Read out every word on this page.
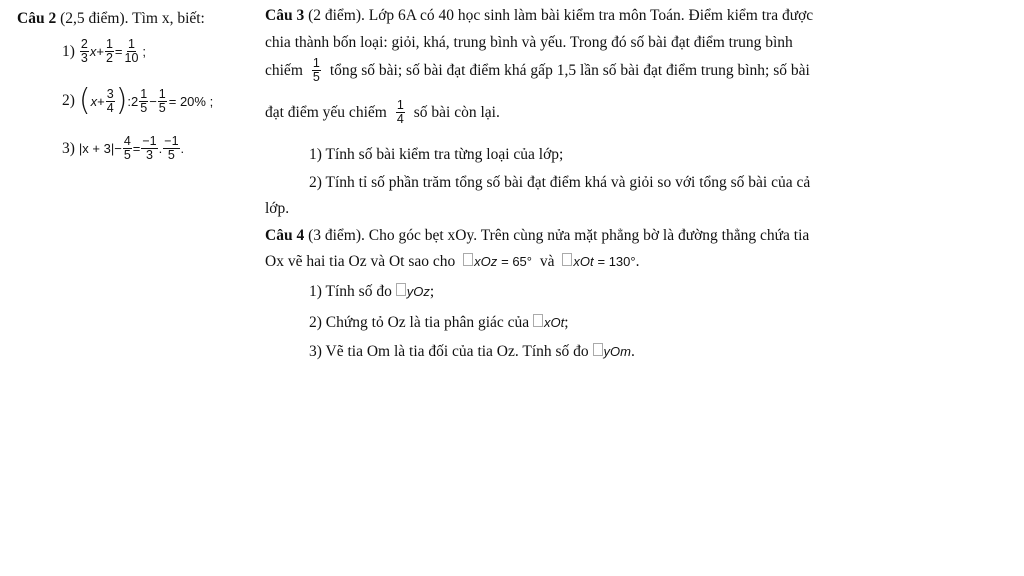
Câu 2 (2,5 điểm). Tìm x, biết:
$1) \frac{2}{3}$ $x + \frac{1}{2} = \frac{1}{10}$ ;
2) ( $x + \frac{3}{4}$ ) :2 $\frac{1}{5} - \frac{1}{5} = 20\%$ ;
3) $|x + 3| - \frac{4}{5} = \frac{-1}{3}$ . $\frac{-1}{5}$ .
Câu 3 (2 điểm). Lớp 6A có 40 học sinh làm bài kiểm tra môn Toán. Điểm kiểm tra được
chia thành bốn loại: giỏi, khá, trung bình và yếu. Trong đó số bài đạt điểm trung bình
chiếm $\frac{1}{5}$ tổng số bài; số bài đạt điểm khá gấp 1,5 lần số bài đạt điểm trung bình; số bài
đạt điểm yếu chiếm $\frac{1}{4}$ số bài còn lại.
1) Tính số bài kiểm tra từng loại của lớp;
2) Tính tỉ số phần trăm tổng số bài đạt điểm khá và giỏi so với tổng số bài của cả
lớp.
Câu 4 (3 điểm). Cho góc bẹt xOy. Trên cùng nửa mặt phẳng bờ là đường thẳng chứa tia
Ox vẽ hai tia Oz và Ot sao cho xOz = 65° và xOt = 130°.
1) Tính số đo yOz;
2) Chứng tỏ Oz là tia phân giác của xOt;
3) Vẽ tia Om là tia đối của tia Oz. Tính số đo yOm.
